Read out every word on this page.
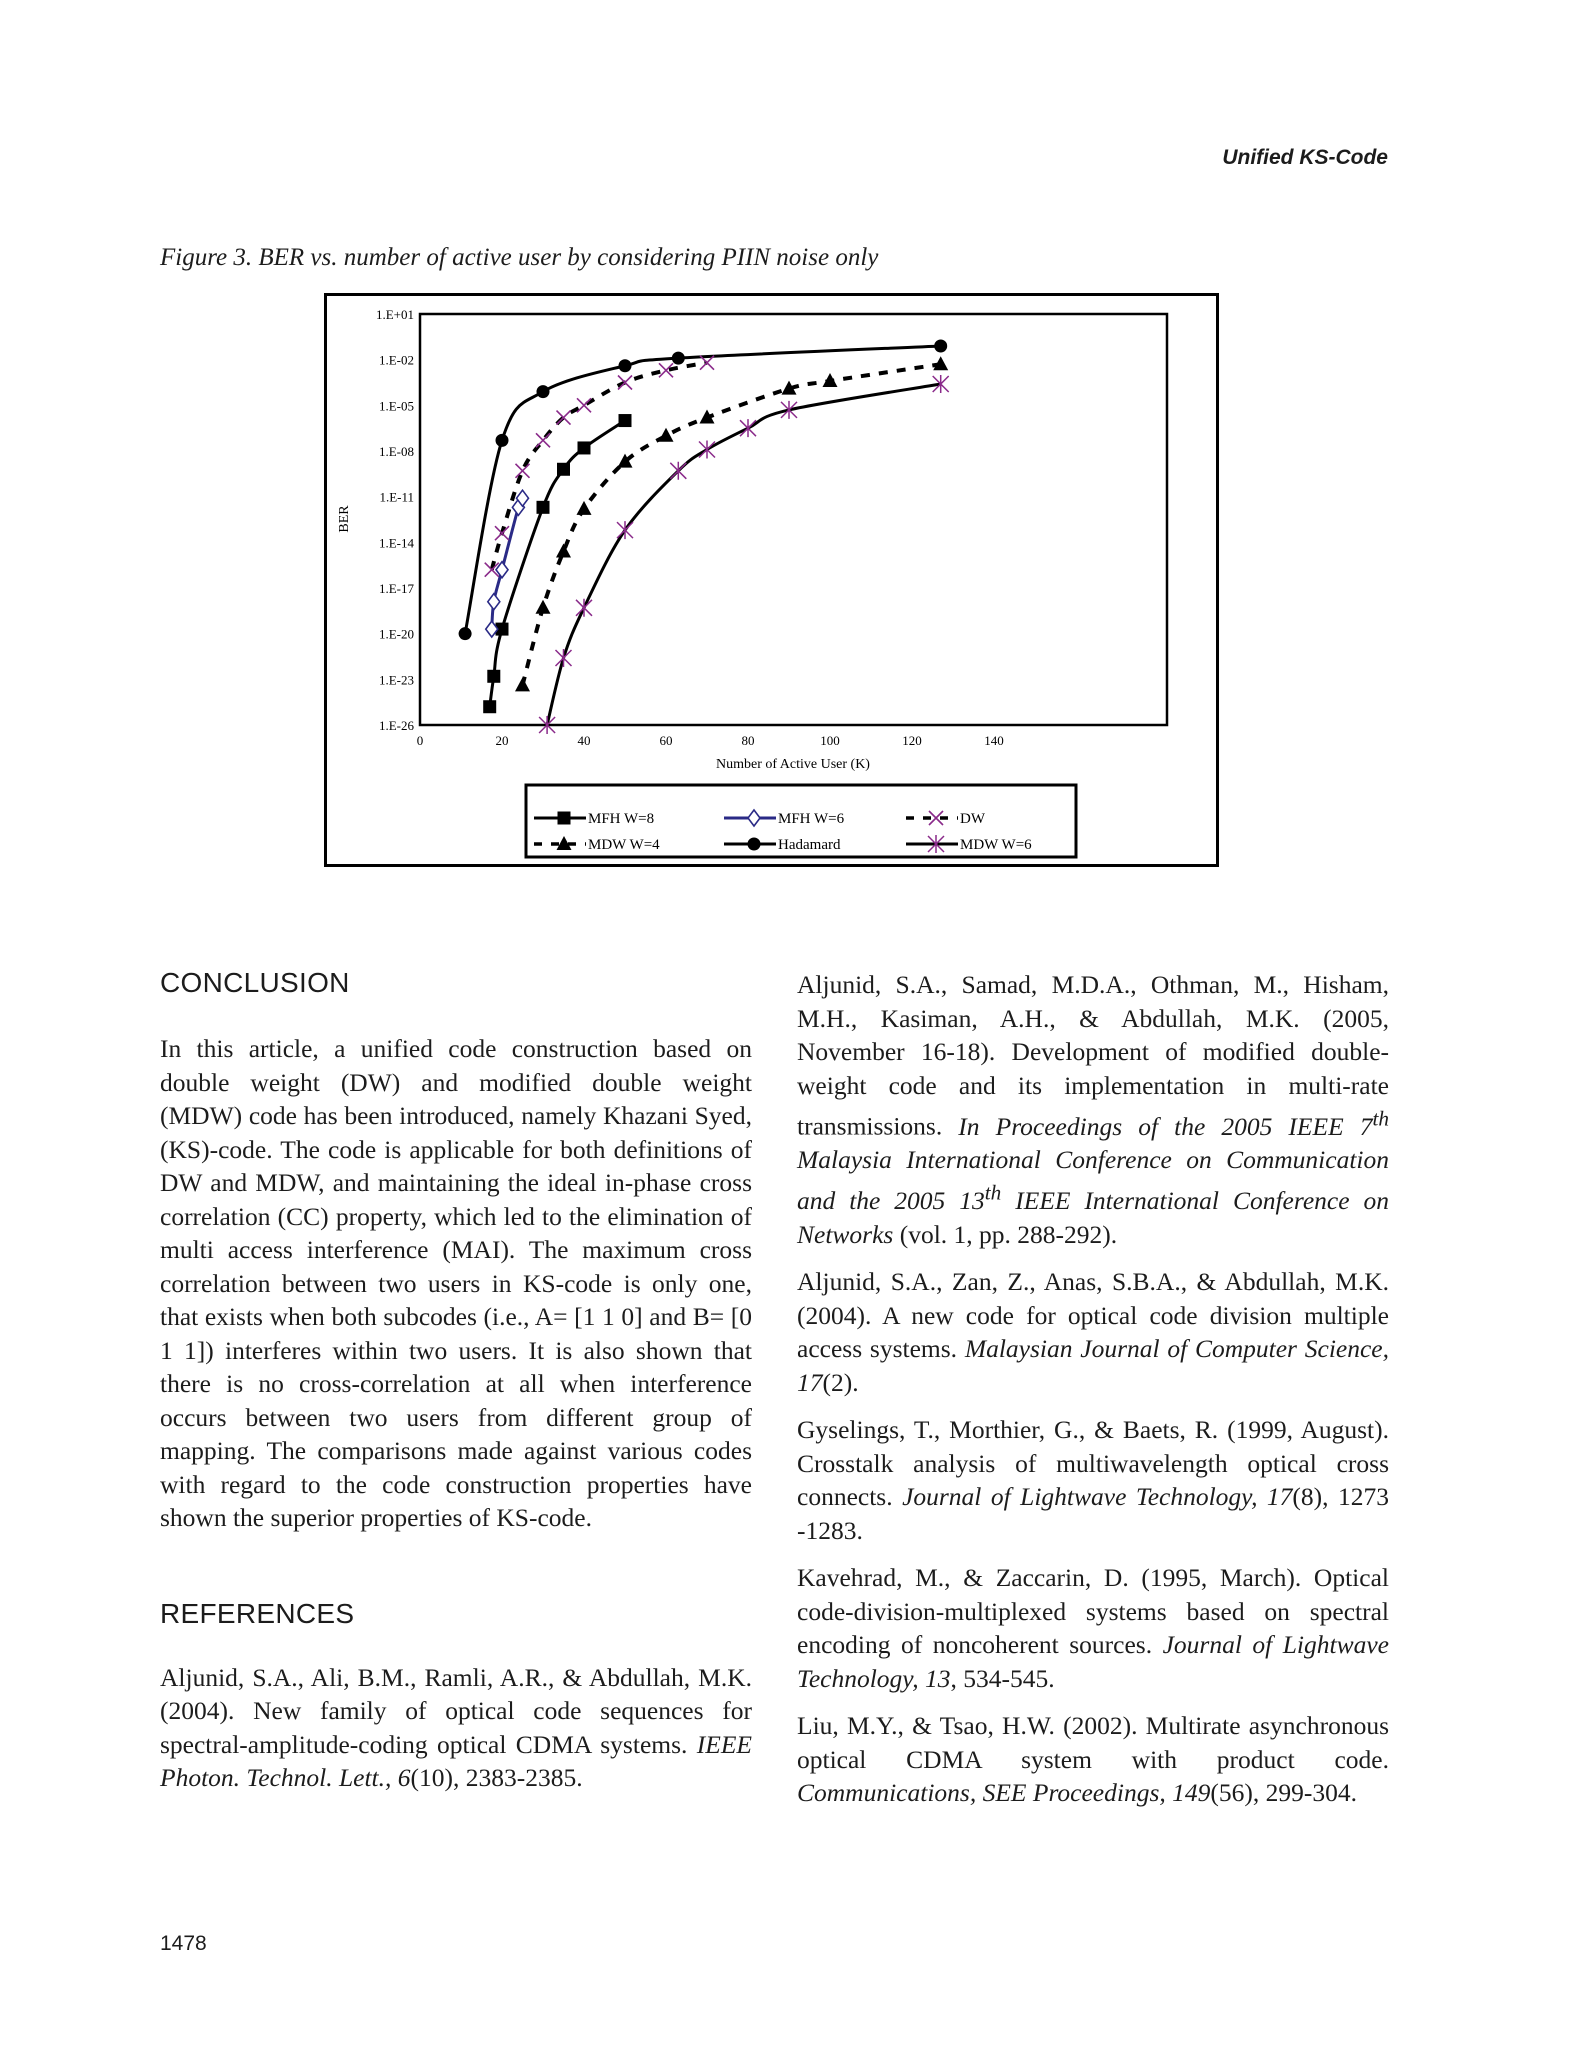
Unified KS-Code
Figure 3. BER vs. number of active user by considering PIIN noise only
1.E+01
1.E-02
1.E-05
1.E-08
1.E-11
1.E-14
1.E-17
1.E-20
1.E-23
1.E-26
0	20	40	60	80	100	120	140
BER
Number of Active User (K)
MFH W=8	MFH W=6	DW
MDW W=4	Hadamard	MDW W=6
CONCLUSION

In this article, a unified code construction based on double weight (DW) and modified double weight (MDW) code has been introduced, namely Khazani Syed, (KS)-code. The code is applicable for both definitions of DW and MDW, and maintaining the ideal in-phase cross correlation (CC) property, which led to the elimination of multi access interference (MAI). The maximum cross correlation between two users in KS-code is only one, that exists when both subcodes (i.e., A= [1 1 0] and B= [0 1 1]) interferes within two users. It is also shown that there is no cross-correlation at all when interference occurs between two users from different group of mapping. The comparisons made against various codes with regard to the code construction properties have shown the superior properties of KS-code.

REFERENCES

Aljunid, S.A., Ali, B.M., Ramli, A.R., & Abdullah, M.K. (2004). New family of optical code sequences for spectral-amplitude-coding optical CDMA systems. IEEE Photon. Technol. Lett., 6(10), 2383-2385.

Aljunid, S.A., Samad, M.D.A., Othman, M., Hisham, M.H., Kasiman, A.H., & Abdullah, M.K. (2005, November 16-18). Development of modified double-weight code and its implementation in multi-rate transmissions. In Proceedings of the 2005 IEEE 7th Malaysia International Conference on Communication and the 2005 13th IEEE International Conference on Networks (vol. 1, pp. 288-292).

Aljunid, S.A., Zan, Z., Anas, S.B.A., & Abdullah, M.K. (2004). A new code for optical code division multiple access systems. Malaysian Journal of Computer Science, 17(2).

Gyselings, T., Morthier, G., & Baets, R. (1999, August). Crosstalk analysis of multiwavelength optical cross connects. Journal of Lightwave Technology, 17(8), 1273 -1283.

Kavehrad, M., & Zaccarin, D. (1995, March). Optical code-division-multiplexed systems based on spectral encoding of noncoherent sources. Journal of Lightwave Technology, 13, 534-545.

Liu, M.Y., & Tsao, H.W. (2002). Multirate asynchronous optical CDMA system with product code. Communications, SEE Proceedings, 149(56), 299-304.

1478
